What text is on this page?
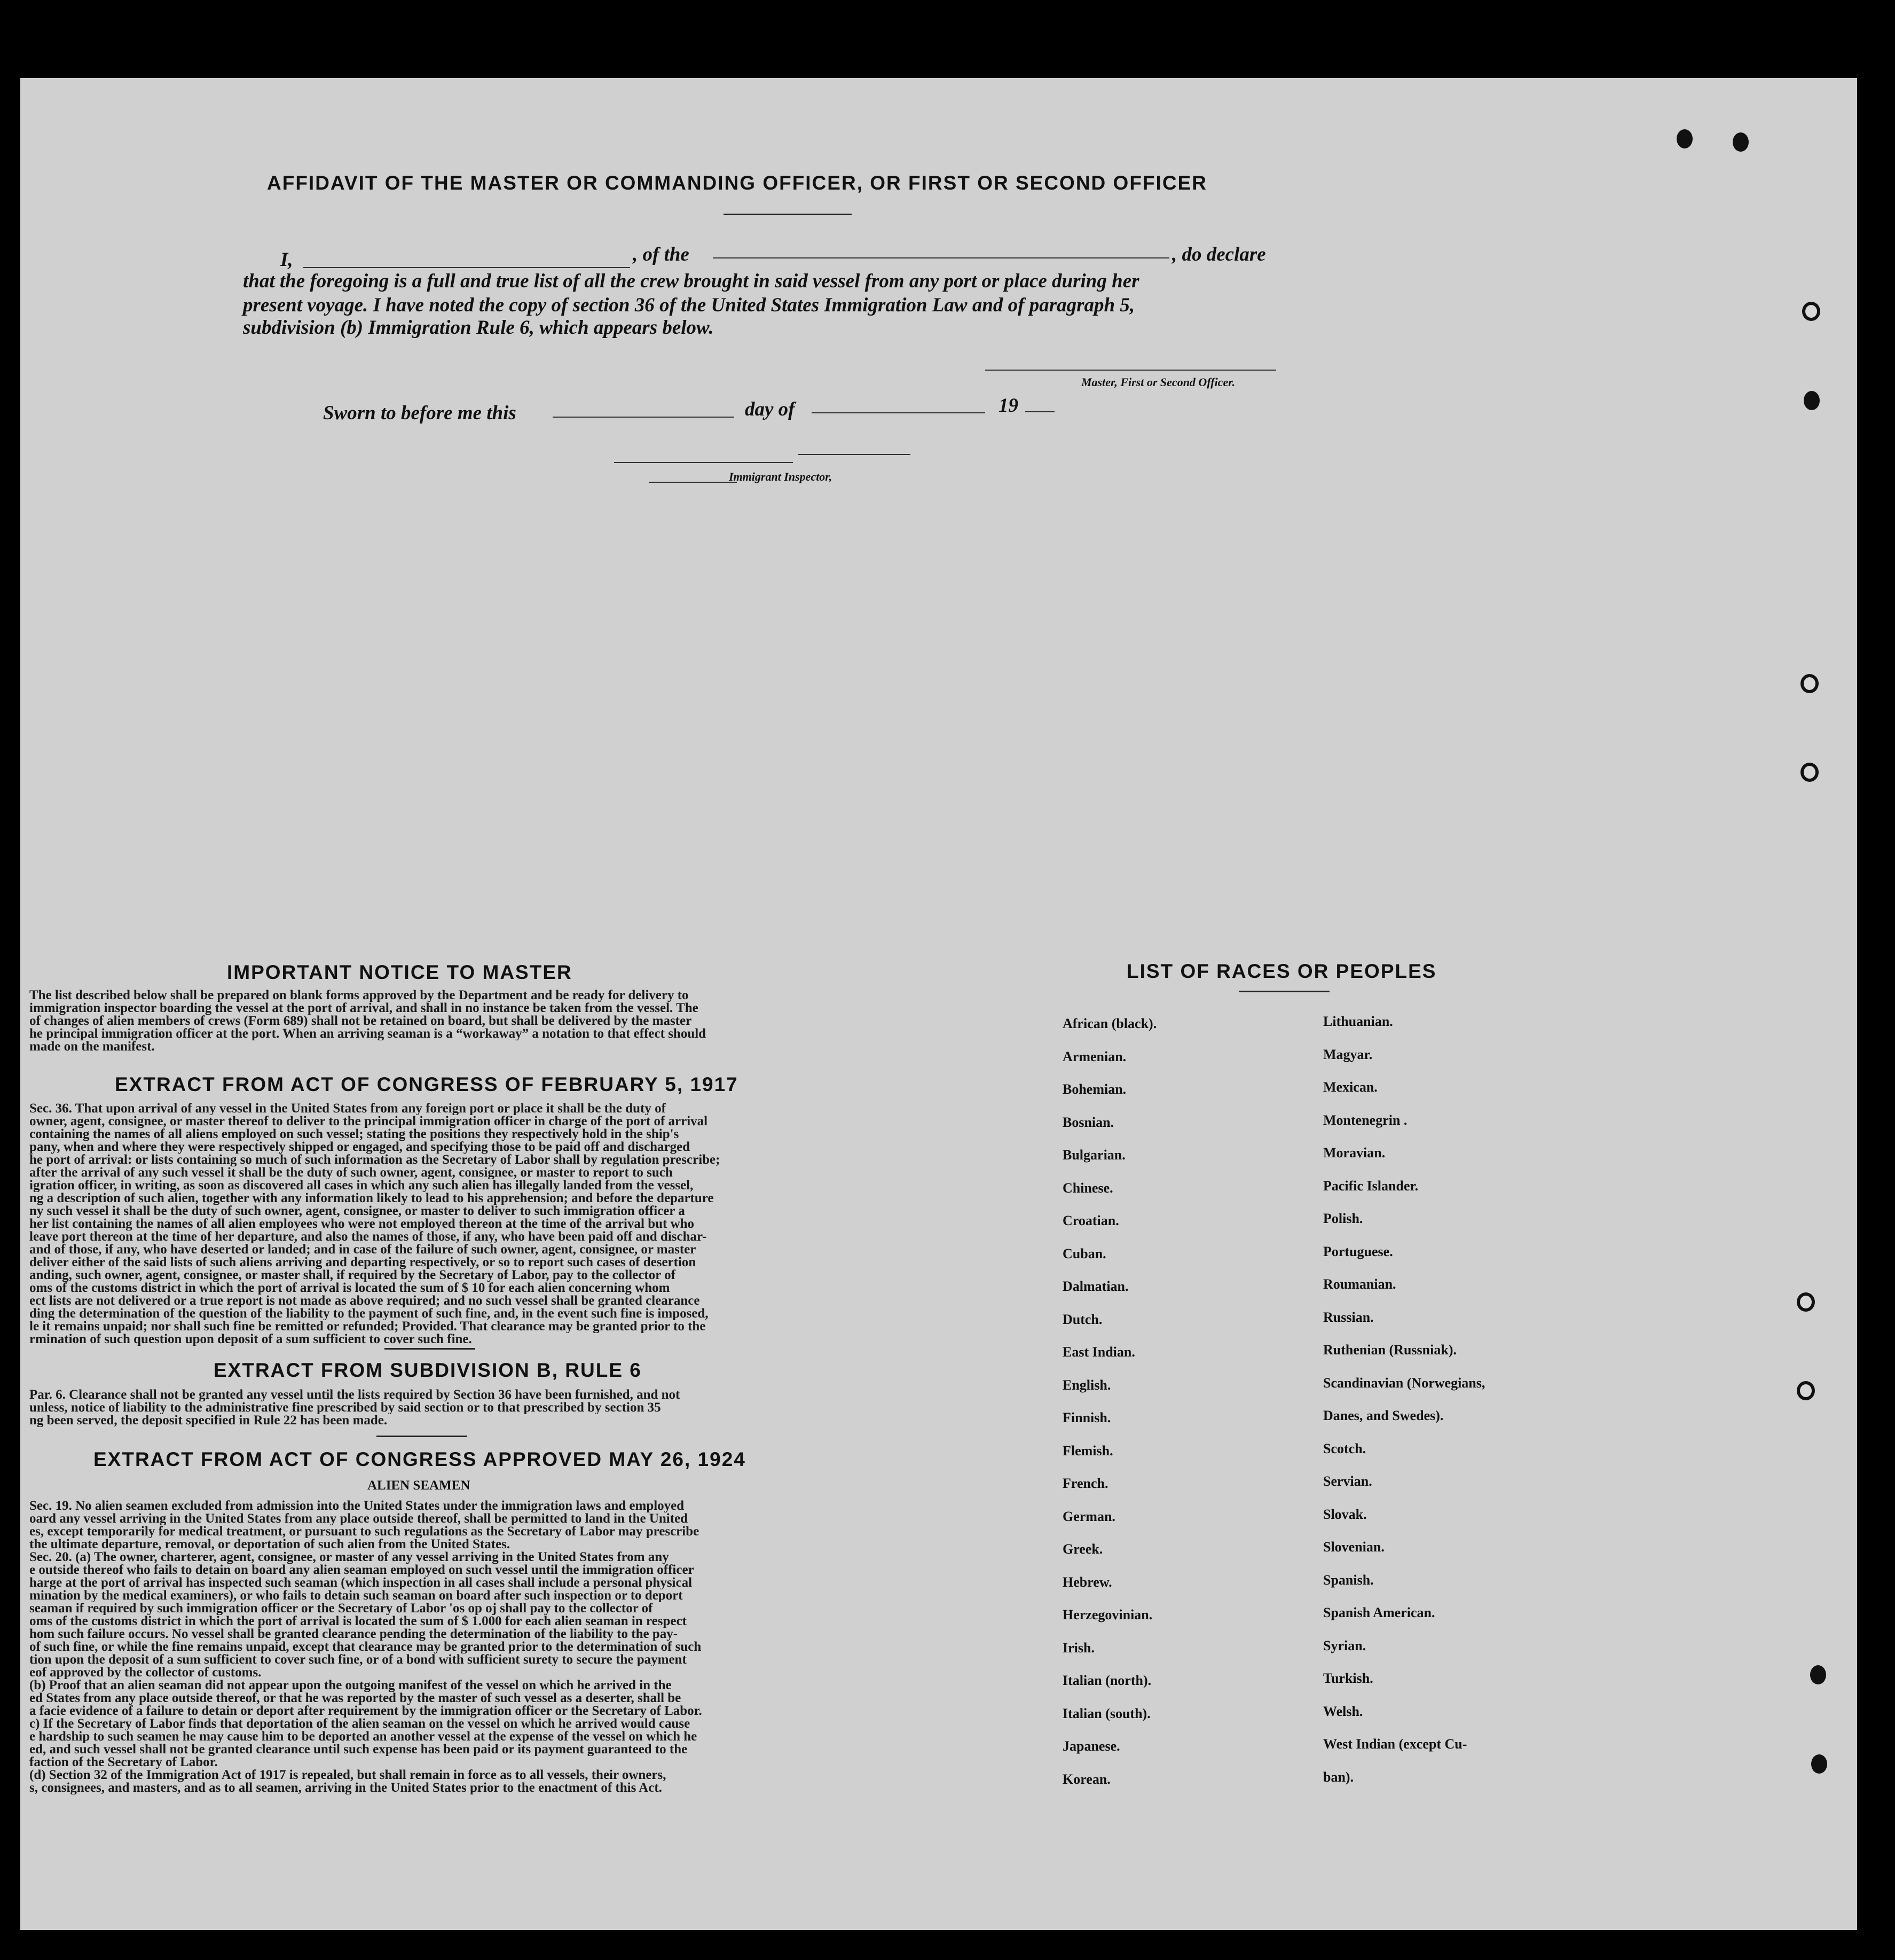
AFFIDAVIT OF THE MASTER OR COMMANDING OFFICER, OR FIRST OR SECOND OFFICER
I,	, of the	, do declare
that the foregoing is a full and true list of all the crew brought in said vessel from any port or place during her
present voyage. I have noted the copy of section 36 of the United States Immigration Law and of paragraph 5,
subdivision (b) Immigration Rule 6, which appears below.
Master, First or Second Officer.
Sworn to before me this	day of	19
Immigrant Inspector,
IMPORTANT NOTICE TO MASTER
The list described below shall be prepared on blank forms approved by the Department and be ready for delivery to
immigration inspector boarding the vessel at the port of arrival, and shall in no instance be taken from the vessel. The
of changes of alien members of crews (Form 689) shall not be retained on board, but shall be delivered by the master
he principal immigration officer at the port. When an arriving seaman is a “workaway” a notation to that effect should
made on the manifest.
EXTRACT FROM ACT OF CONGRESS OF FEBRUARY 5, 1917
Sec. 36. That upon arrival of any vessel in the United States from any foreign port or place it shall be the duty of
owner, agent, consignee, or master thereof to deliver to the principal immigration officer in charge of the port of arrival
containing the names of all aliens employed on such vessel; stating the positions they respectively hold in the ship's
pany, when and where they were respectively shipped or engaged, and specifying those to be paid off and discharged
he port of arrival: or lists containing so much of such information as the Secretary of Labor shall by regulation prescribe;
after the arrival of any such vessel it shall be the duty of such owner, agent, consignee, or master to report to such
igration officer, in writing, as soon as discovered all cases in which any such alien has illegally landed from the vessel,
ng a description of such alien, together with any information likely to lead to his apprehension; and before the departure
ny such vessel it shall be the duty of such owner, agent, consignee, or master to deliver to such immigration officer a
her list containing the names of all alien employees who were not employed thereon at the time of the arrival but who
leave port thereon at the time of her departure, and also the names of those, if any, who have been paid off and dischar-
and of those, if any, who have deserted or landed; and in case of the failure of such owner, agent, consignee, or master
deliver either of the said lists of such aliens arriving and departing respectively, or so to report such cases of desertion
anding, such owner, agent, consignee, or master shall, if required by the Secretary of Labor, pay to the collector of
oms of the customs district in which the port of arrival is located the sum of $ 10 for each alien concerning whom
ect lists are not delivered or a true report is not made as above required; and no such vessel shall be granted clearance
ding the determination of the question of the liability to the payment of such fine, and, in the event such fine is imposed,
le it remains unpaid; nor shall such fine be remitted or refunded; Provided. That clearance may be granted prior to the
rmination of such question upon deposit of a sum sufficient to cover such fine.
EXTRACT FROM SUBDIVISION B, RULE 6
Par. 6. Clearance shall not be granted any vessel until the lists required by Section 36 have been furnished, and not
unless, notice of liability to the administrative fine prescribed by said section or to that prescribed by section 35
ng been served, the deposit specified in Rule 22 has been made.
EXTRACT FROM ACT OF CONGRESS APPROVED MAY 26, 1924
ALIEN SEAMEN
Sec. 19. No alien seamen excluded from admission into the United States under the immigration laws and employed
oard any vessel arriving in the United States from any place outside thereof, shall be permitted to land in the United
es, except temporarily for medical treatment, or pursuant to such regulations as the Secretary of Labor may prescribe
the ultimate departure, removal, or deportation of such alien from the United States.
Sec. 20. (a) The owner, charterer, agent, consignee, or master of any vessel arriving in the United States from any
e outside thereof who fails to detain on board any alien seaman employed on such vessel until the immigration officer
harge at the port of arrival has inspected such seaman (which inspection in all cases shall include a personal physical
mination by the medical examiners), or who fails to detain such seaman on board after such inspection or to deport
seaman if required by such immigration officer or the Secretary of Labor 'os op oj shall pay to the collector of
oms of the customs district in which the port of arrival is located the sum of $ 1.000 for each alien seaman in respect
hom such failure occurs. No vessel shall be granted clearance pending the determination of the liability to the pay-
of such fine, or while the fine remains unpaid, except that clearance may be granted prior to the determination of such
tion upon the deposit of a sum sufficient to cover such fine, or of a bond with sufficient surety to secure the payment
eof approved by the collector of customs.
(b) Proof that an alien seaman did not appear upon the outgoing manifest of the vessel on which he arrived in the
ed States from any place outside thereof, or that he was reported by the master of such vessel as a deserter, shall be
a facie evidence of a failure to detain or deport after requirement by the immigration officer or the Secretary of Labor.
c) If the Secretary of Labor finds that deportation of the alien seaman on the vessel on which he arrived would cause
e hardship to such seamen he may cause him to be deported an another vessel at the expense of the vessel on which he
ed, and such vessel shall not be granted clearance until such expense has been paid or its payment guaranteed to the
faction of the Secretary of Labor.
(d) Section 32 of the Immigration Act of 1917 is repealed, but shall remain in force as to all vessels, their owners,
s, consignees, and masters, and as to all seamen, arriving in the United States prior to the enactment of this Act.
LIST OF RACES OR PEOPLES
African (black).
Armenian.
Bohemian.
Bosnian.
Bulgarian.
Chinese.
Croatian.
Cuban.
Dalmatian.
Dutch.
East Indian.
English.
Finnish.
Flemish.
French.
German.
Greek.
Hebrew.
Herzegovinian.
Irish.
Italian (north).
Italian (south).
Japanese.
Korean.
Lithuanian.
Magyar.
Mexican.
Montenegrin .
Moravian.
Pacific Islander.
Polish.
Portuguese.
Roumanian.
Russian.
Ruthenian (Russniak).
Scandinavian (Norwegians,
Danes, and Swedes).
Scotch.
Servian.
Slovak.
Slovenian.
Spanish.
Spanish American.
Syrian.
Turkish.
Welsh.
West Indian (except Cu-
ban).
